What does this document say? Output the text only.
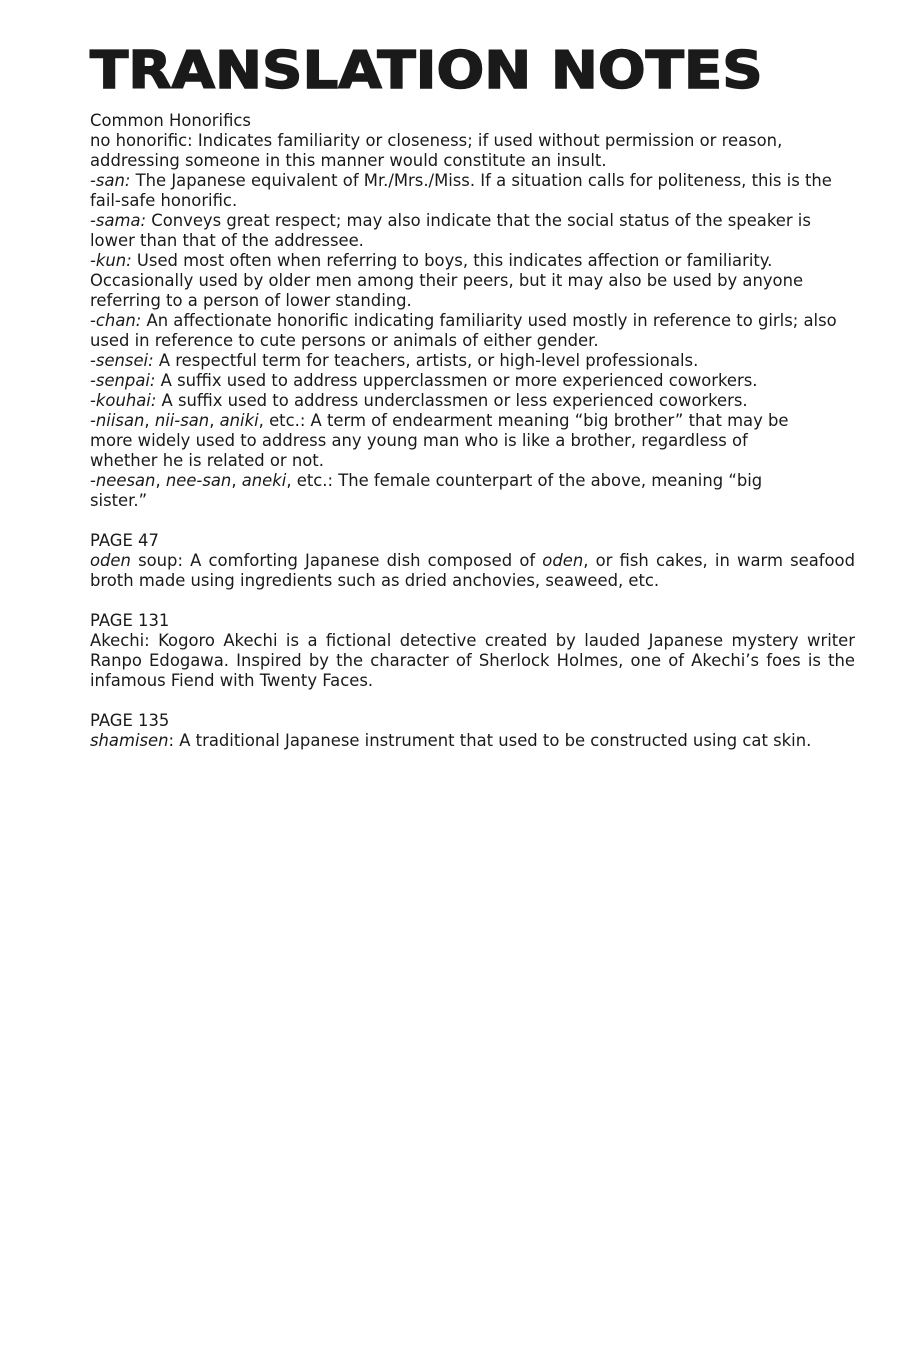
TRANSLATION NOTES

Common Honorifics

no honorific: Indicates familiarity or closeness; if used without permission or reason, addressing someone in this manner would constitute an insult.

-san: The Japanese equivalent of Mr./Mrs./Miss. If a situation calls for politeness, this is the fail-safe honorific.

-sama: Conveys great respect; may also indicate that the social status of the speaker is lower than that of the addressee.

-kun: Used most often when referring to boys, this indicates affection or familiarity. Occasionally used by older men among their peers, but it may also be used by anyone referring to a person of lower standing.

-chan: An affectionate honorific indicating familiarity used mostly in reference to girls; also used in reference to cute persons or animals of either gender.

-sensei: A respectful term for teachers, artists, or high-level professionals.

-senpai: A suffix used to address upperclassmen or more experienced coworkers.

-kouhai: A suffix used to address underclassmen or less experienced coworkers.

-niisan, nii-san, aniki, etc.: A term of endearment meaning “big brother” that may be more widely used to address any young man who is like a brother, regardless of whether he is related or not.

-neesan, nee-san, aneki, etc.: The female counterpart of the above, meaning “big sister.”

PAGE 47

oden soup: A comforting Japanese dish composed of oden, or fish cakes, in warm seafood broth made using ingredients such as dried anchovies, seaweed, etc.

PAGE 131

Akechi: Kogoro Akechi is a fictional detective created by lauded Japanese mystery writer Ranpo Edogawa. Inspired by the character of Sherlock Holmes, one of Akechi’s foes is the infamous Fiend with Twenty Faces.

PAGE 135

shamisen: A traditional Japanese instrument that used to be constructed using cat skin.
